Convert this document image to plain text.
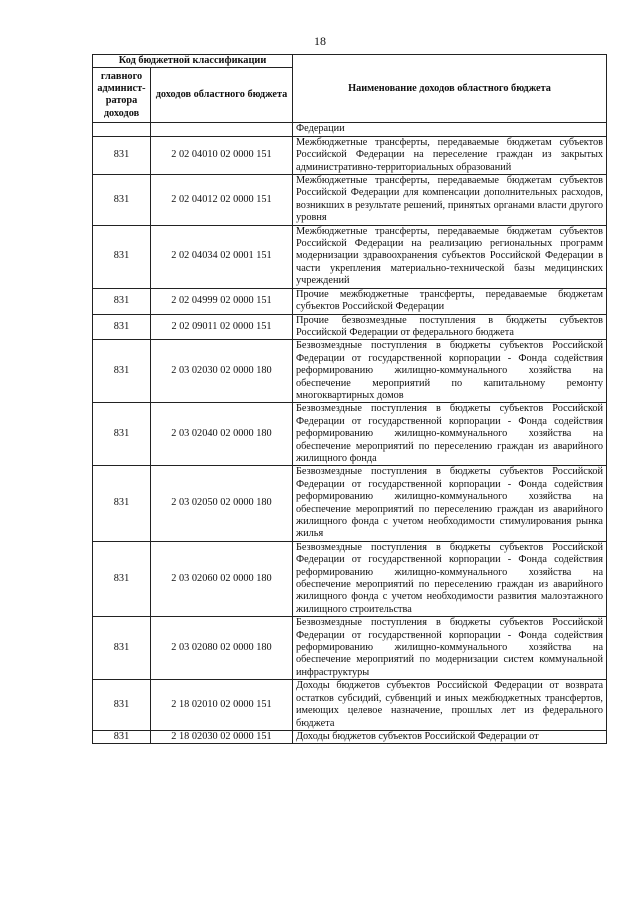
18
Код бюджетной классификации		Наименование доходов областного бюджета
главного админист-ратора доходов	доходов областного бюджета	
		Федерации
831	2 02 04010 02 0000 151	Межбюджетные трансферты, передаваемые бюджетам субъектов Российской Федерации на переселение граждан из закрытых административно-территориальных образований
831	2 02 04012 02 0000 151	Межбюджетные трансферты, передаваемые бюджетам субъектов Российской Федерации для компенсации дополнительных расходов, возникших в результате решений, принятых органами власти другого уровня
831	2 02 04034 02 0001 151	Межбюджетные трансферты, передаваемые бюджетам субъектов Российской Федерации на реализацию региональных программ модернизации здравоохранения субъектов Российской Федерации в части укрепления материально-технической базы медицинских учреждений
831	2 02 04999 02 0000 151	Прочие межбюджетные трансферты, передаваемые бюджетам субъектов Российской Федерации
831	2 02 09011 02 0000 151	Прочие безвозмездные поступления в бюджеты субъектов Российской Федерации от федерального бюджета
831	2 03 02030 02 0000 180	Безвозмездные поступления в бюджеты субъектов Российской Федерации от государственной корпорации - Фонда содействия реформированию жилищно-коммунального хозяйства на обеспечение мероприятий по капитальному ремонту многоквартирных домов
831	2 03 02040 02 0000 180	Безвозмездные поступления в бюджеты субъектов Российской Федерации от государственной корпорации - Фонда содействия реформированию жилищно-коммунального хозяйства на обеспечение мероприятий по переселению граждан из аварийного жилищного фонда
831	2 03 02050 02 0000 180	Безвозмездные поступления в бюджеты субъектов Российской Федерации от государственной корпорации - Фонда содействия реформированию жилищно-коммунального хозяйства на обеспечение мероприятий по переселению граждан из аварийного жилищного фонда с учетом необходимости стимулирования рынка жилья
831	2 03 02060 02 0000 180	Безвозмездные поступления в бюджеты субъектов Российской Федерации от государственной корпорации - Фонда содействия реформированию жилищно-коммунального хозяйства на обеспечение мероприятий по переселению граждан из аварийного жилищного фонда с учетом необходимости развития малоэтажного жилищного строительства
831	2 03 02080 02 0000 180	Безвозмездные поступления в бюджеты субъектов Российской Федерации от государственной корпорации - Фонда содействия реформированию жилищно-коммунального хозяйства на обеспечение мероприятий по модернизации систем коммунальной инфраструктуры
831	2 18 02010 02 0000 151	Доходы бюджетов субъектов Российской Федерации от возврата остатков субсидий, субвенций и иных межбюджетных трансфертов, имеющих целевое назначение, прошлых лет из федерального бюджета
831	2 18 02030 02 0000 151	Доходы бюджетов субъектов Российской Федерации от
